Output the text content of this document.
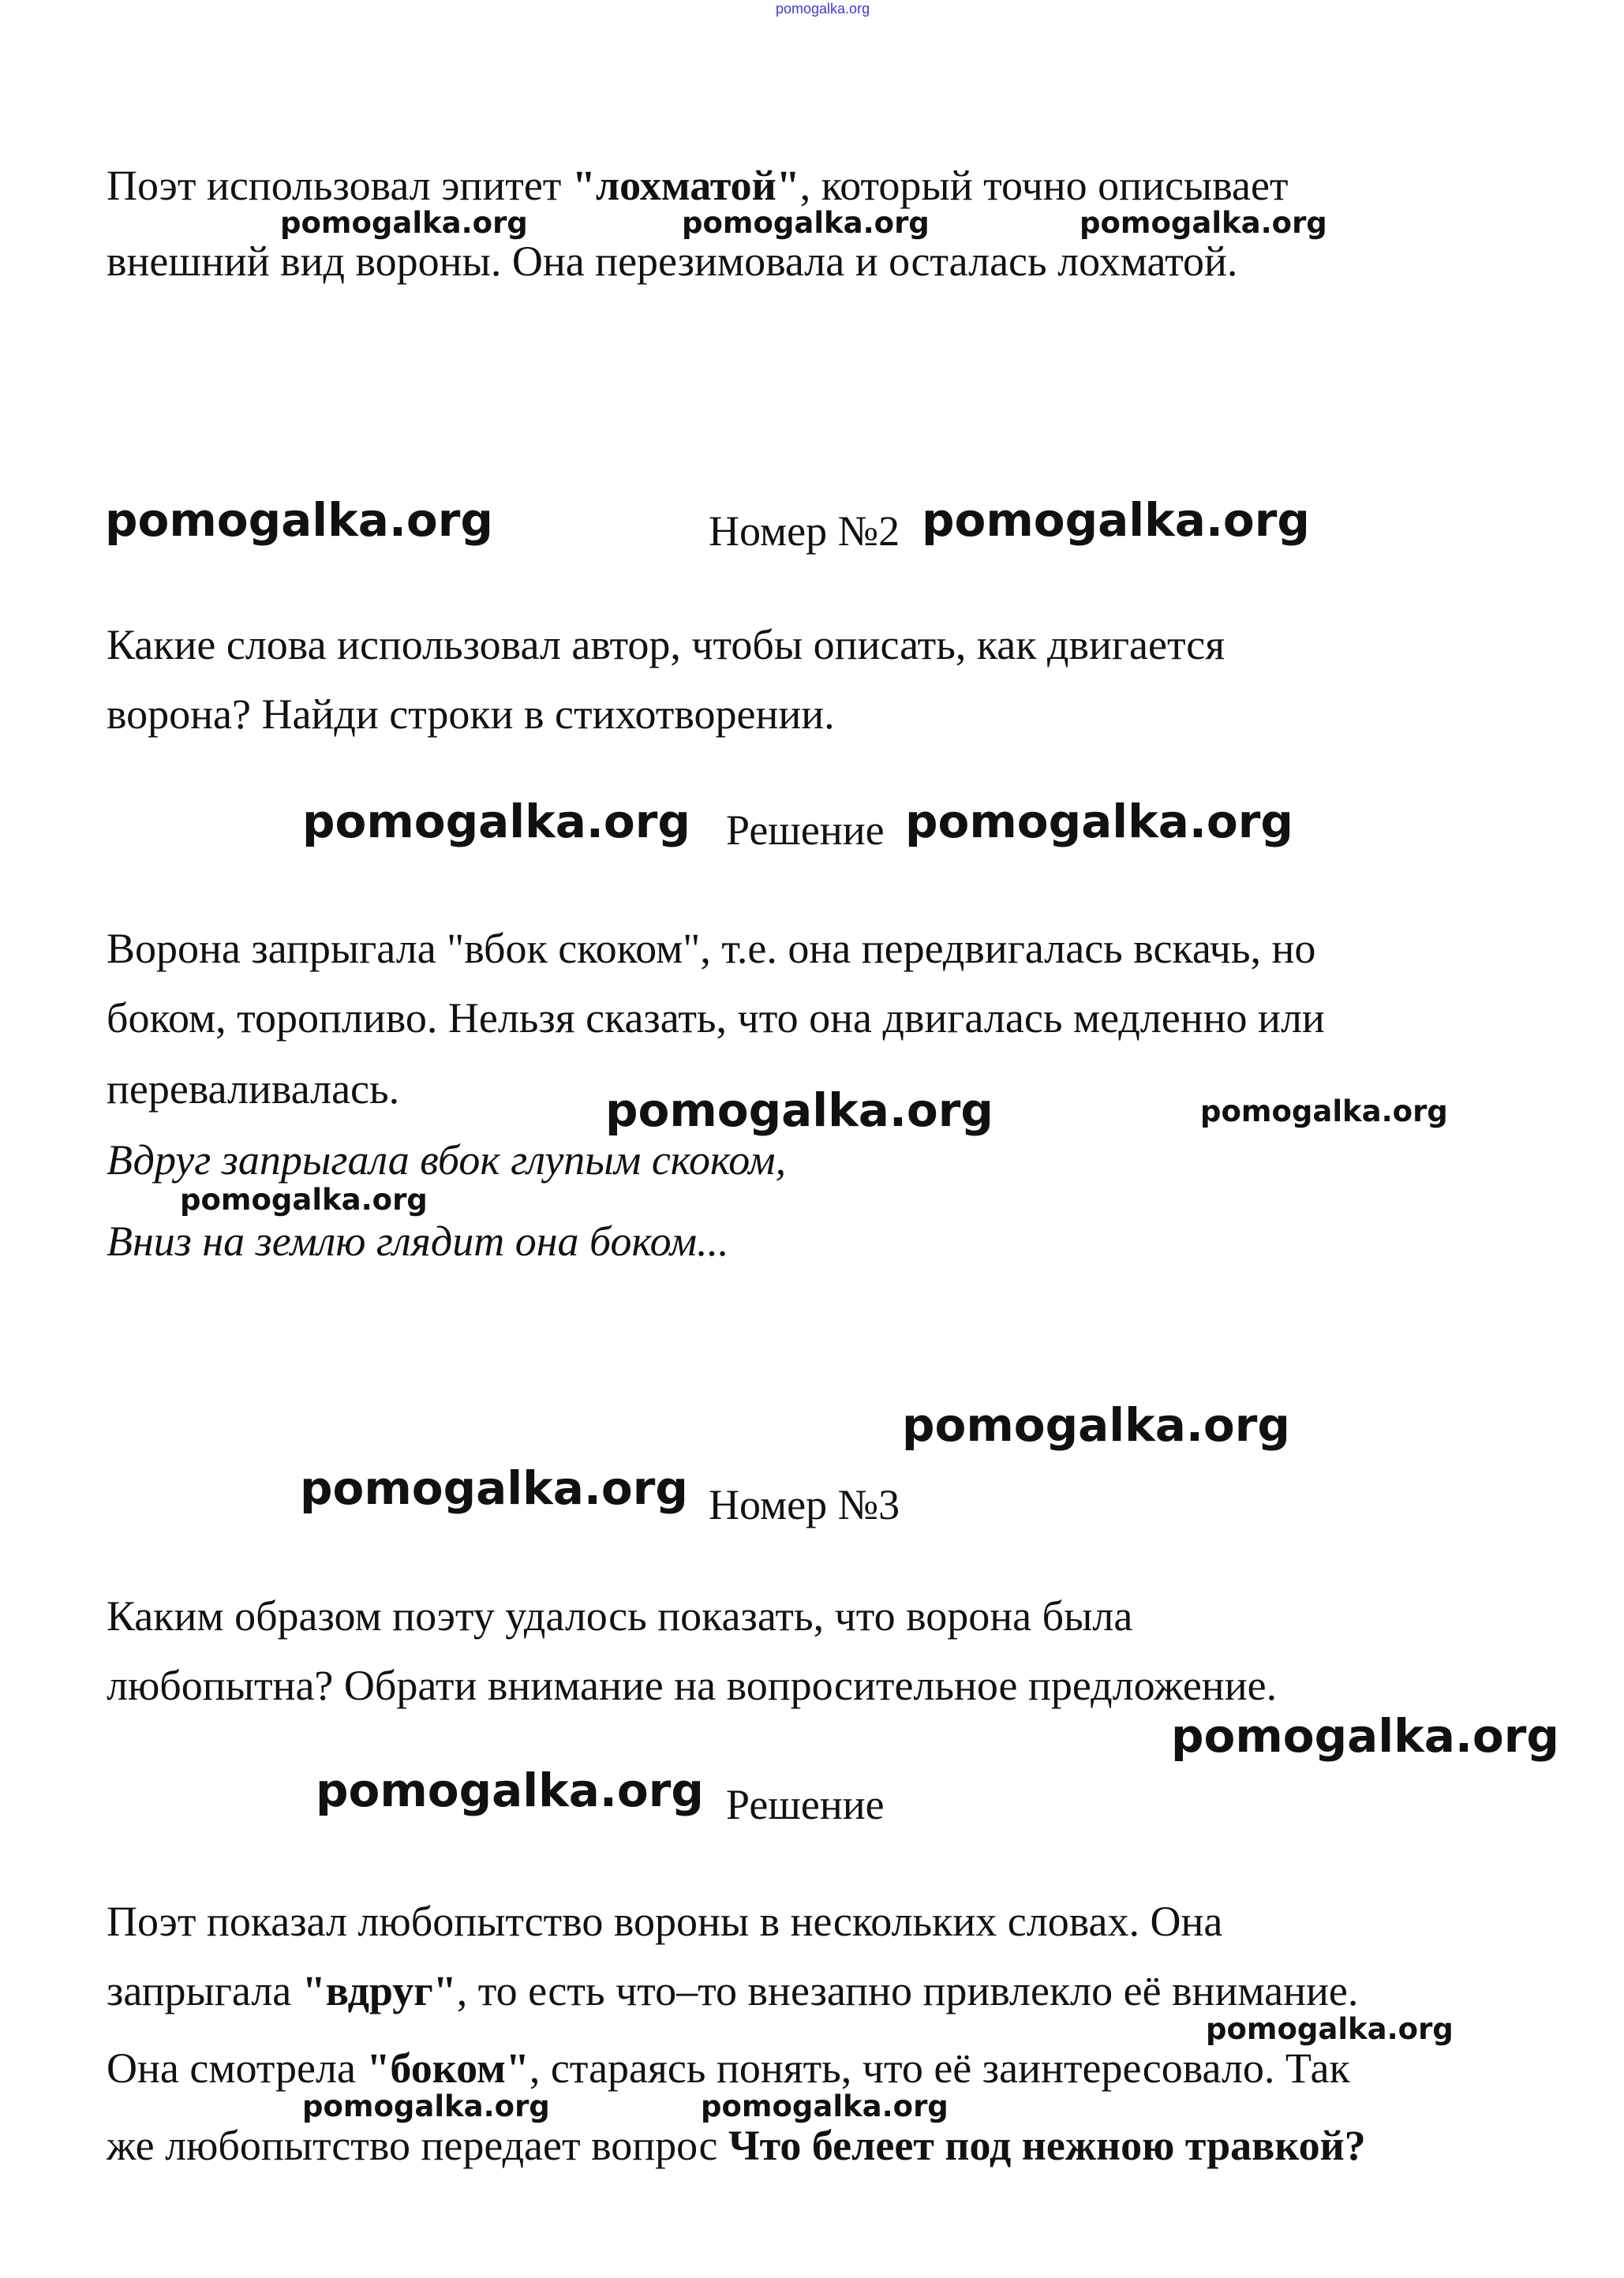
pomogalka.org
Поэт использовал эпитет "лохматой", который точно описывает
pomogalka.org	pomogalka.org	pomogalka.org
внешний вид вороны. Она перезимовала и осталась лохматой.
pomogalka.org	Номер №2 pomogalka.org
Какие слова использовал автор, чтобы описать, как двигается
ворона? Найди строки в стихотворении.
pomogalka.org Решение pomogalka.org
Ворона запрыгала "вбок скоком", т.е. она передвигалась вскачь, но
боком, торопливо. Нельзя сказать, что она двигалась медленно или
переваливалась.	pomogalka.org	pomogalka.org
Вдруг запрыгала вбок глупым скоком,
pomogalka.org
Вниз на землю глядит она боком...
pomogalka.org
pomogalka.org Номер №3
Каким образом поэту удалось показать, что ворона была
любопытна? Обрати внимание на вопросительное предложение.
pomogalka.org
pomogalka.org Решение
Поэт показал любопытство вороны в нескольких словах. Она
запрыгала "вдруг", то есть что–то внезапно привлекло её внимание.
pomogalka.org
Она смотрела "боком", стараясь понять, что её заинтересовало. Так
pomogalka.org	pomogalka.org
же любопытство передает вопрос Что белеет под нежною травкой?
